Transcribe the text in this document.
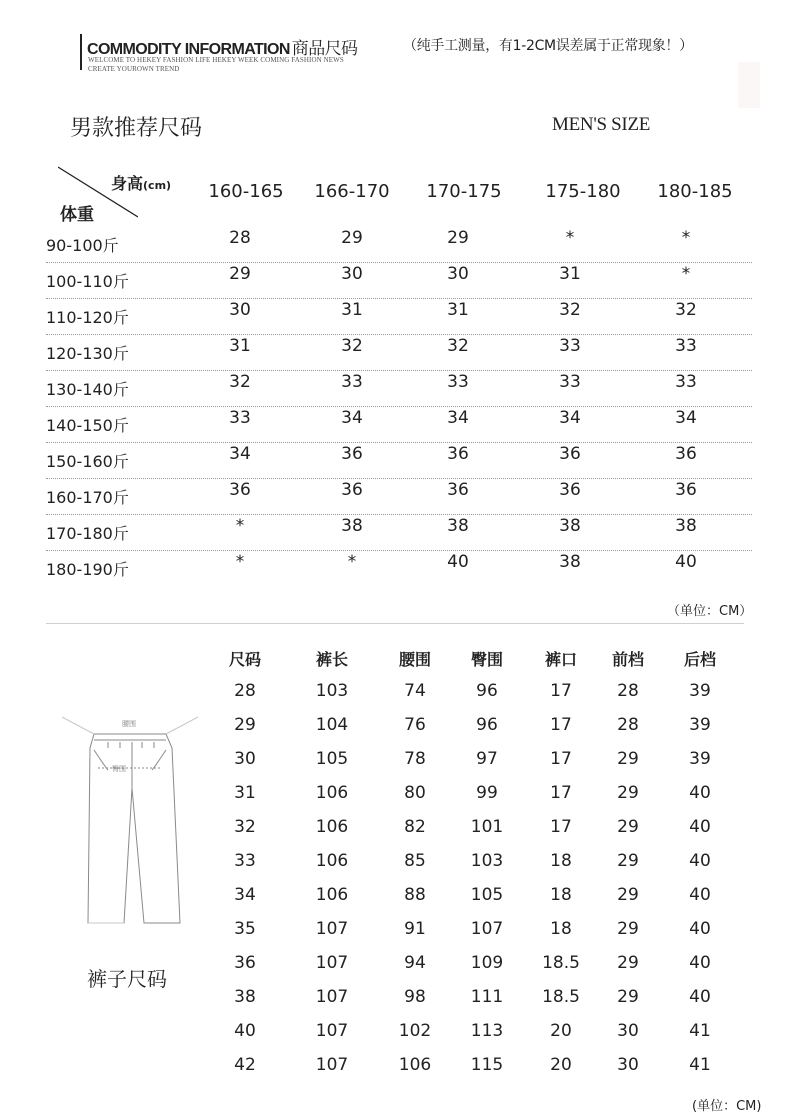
COMMODITY INFORMATION 商品尺码	（纯手工测量，有1-2CM误差属于正常现象！）
WELCOME TO HEKEY FASHION LIFE HEKEY WEEK COMING FASHION NEWS
CREATE YOUROWN TREND
男款推荐尺码	MEN'S SIZE
身高(cm)
体重
160-165	166-170	170-175	175-180	180-185
90-100斤	28	29	29	*	*
100-110斤	29	30	30	31	*
110-120斤	30	31	31	32	32
120-130斤	31	32	32	33	33
130-140斤	32	33	33	33	33
140-150斤	33	34	34	34	34
150-160斤	34	36	36	36	36
160-170斤	36	36	36	36	36
170-180斤	*	38	38	38	38
180-190斤	*	*	40	38	40
（单位：CM）
尺码	裤长	腰围	臀围	裤口	前档	后档
28	103	74	96	17	28	39
29	104	76	96	17	28	39
30	105	78	97	17	29	39
31	106	80	99	17	29	40
32	106	82	101	17	29	40
33	106	85	103	18	29	40
34	106	88	105	18	29	40
35	107	91	107	18	29	40
36	107	94	109	18.5	29	40
38	107	98	111	18.5	29	40
40	107	102	113	20	30	41
42	107	106	115	20	30	41
腰围
臀围
裤子尺码
(单位：CM)
